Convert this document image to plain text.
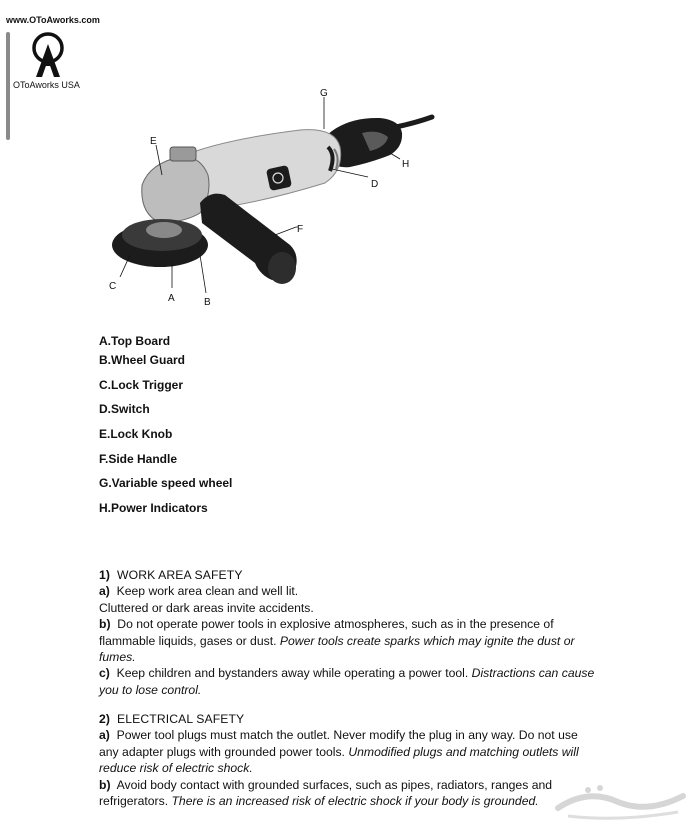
www.OToAworks.com
OToAworks USA
A	B
C
D
E
F
G
H
A.Top Board
B.Wheel Guard
C.Lock Trigger
D.Switch
E.Lock Knob
F.Side Handle
G.Variable speed wheel
H.Power Indicators

1) WORK AREA SAFETY

a) Keep work area clean and well lit.

Cluttered or dark areas invite accidents.

b) Do not operate power tools in explosive atmospheres, such as in the presence of flammable liquids, gases or dust. Power tools create sparks which may ignite the dust or fumes.

c) Keep children and bystanders away while operating a power tool. Distractions can cause you to lose control.

2) ELECTRICAL SAFETY

a) Power tool plugs must match the outlet. Never modify the plug in any way. Do not use any adapter plugs with grounded power tools. Unmodified plugs and matching outlets will reduce risk of electric shock.

b) Avoid body contact with grounded surfaces, such as pipes, radiators, ranges and refrigerators. There is an increased risk of electric shock if your body is grounded.
